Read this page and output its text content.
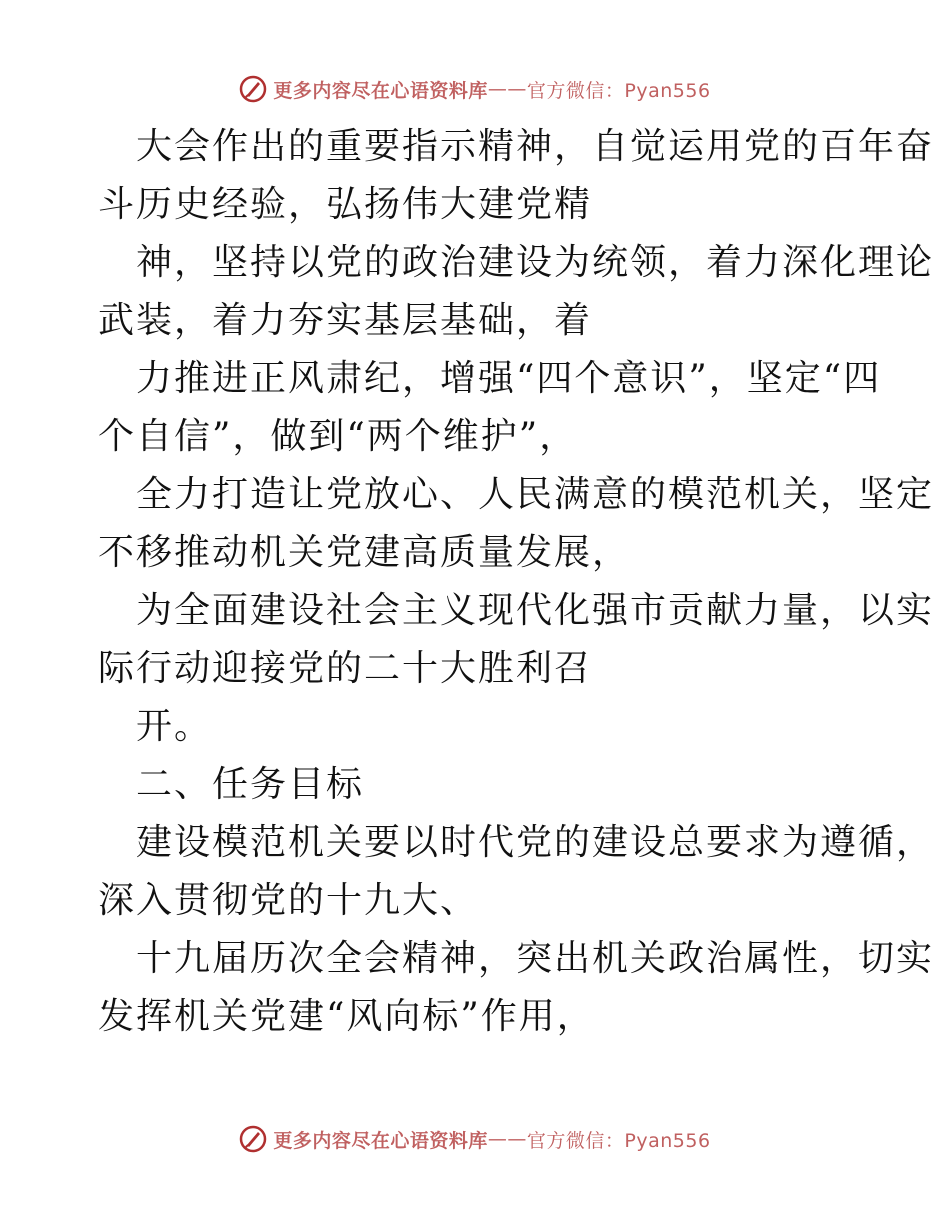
更多内容尽在心语资料库 —— 官方微信：Pyan556
大会作出的重要指示精神，自觉运用党的百年奋
斗历史经验，弘扬伟大建党精
神，坚持以党的政治建设为统领，着力深化理论
武装，着力夯实基层基础，着
力推进正风肃纪，增强“四个意识”，坚定“四
个自信”，做到“两个维护”，
全力打造让党放心、人民满意的模范机关，坚定
不移推动机关党建高质量发展，
为全面建设社会主义现代化强市贡献力量，以实
际行动迎接党的二十大胜利召
开。
二、任务目标
建设模范机关要以时代党的建设总要求为遵循，
深入贯彻党的十九大、
十九届历次全会精神，突出机关政治属性，切实
发挥机关党建“风向标”作用，
更多内容尽在心语资料库 —— 官方微信：Pyan556
